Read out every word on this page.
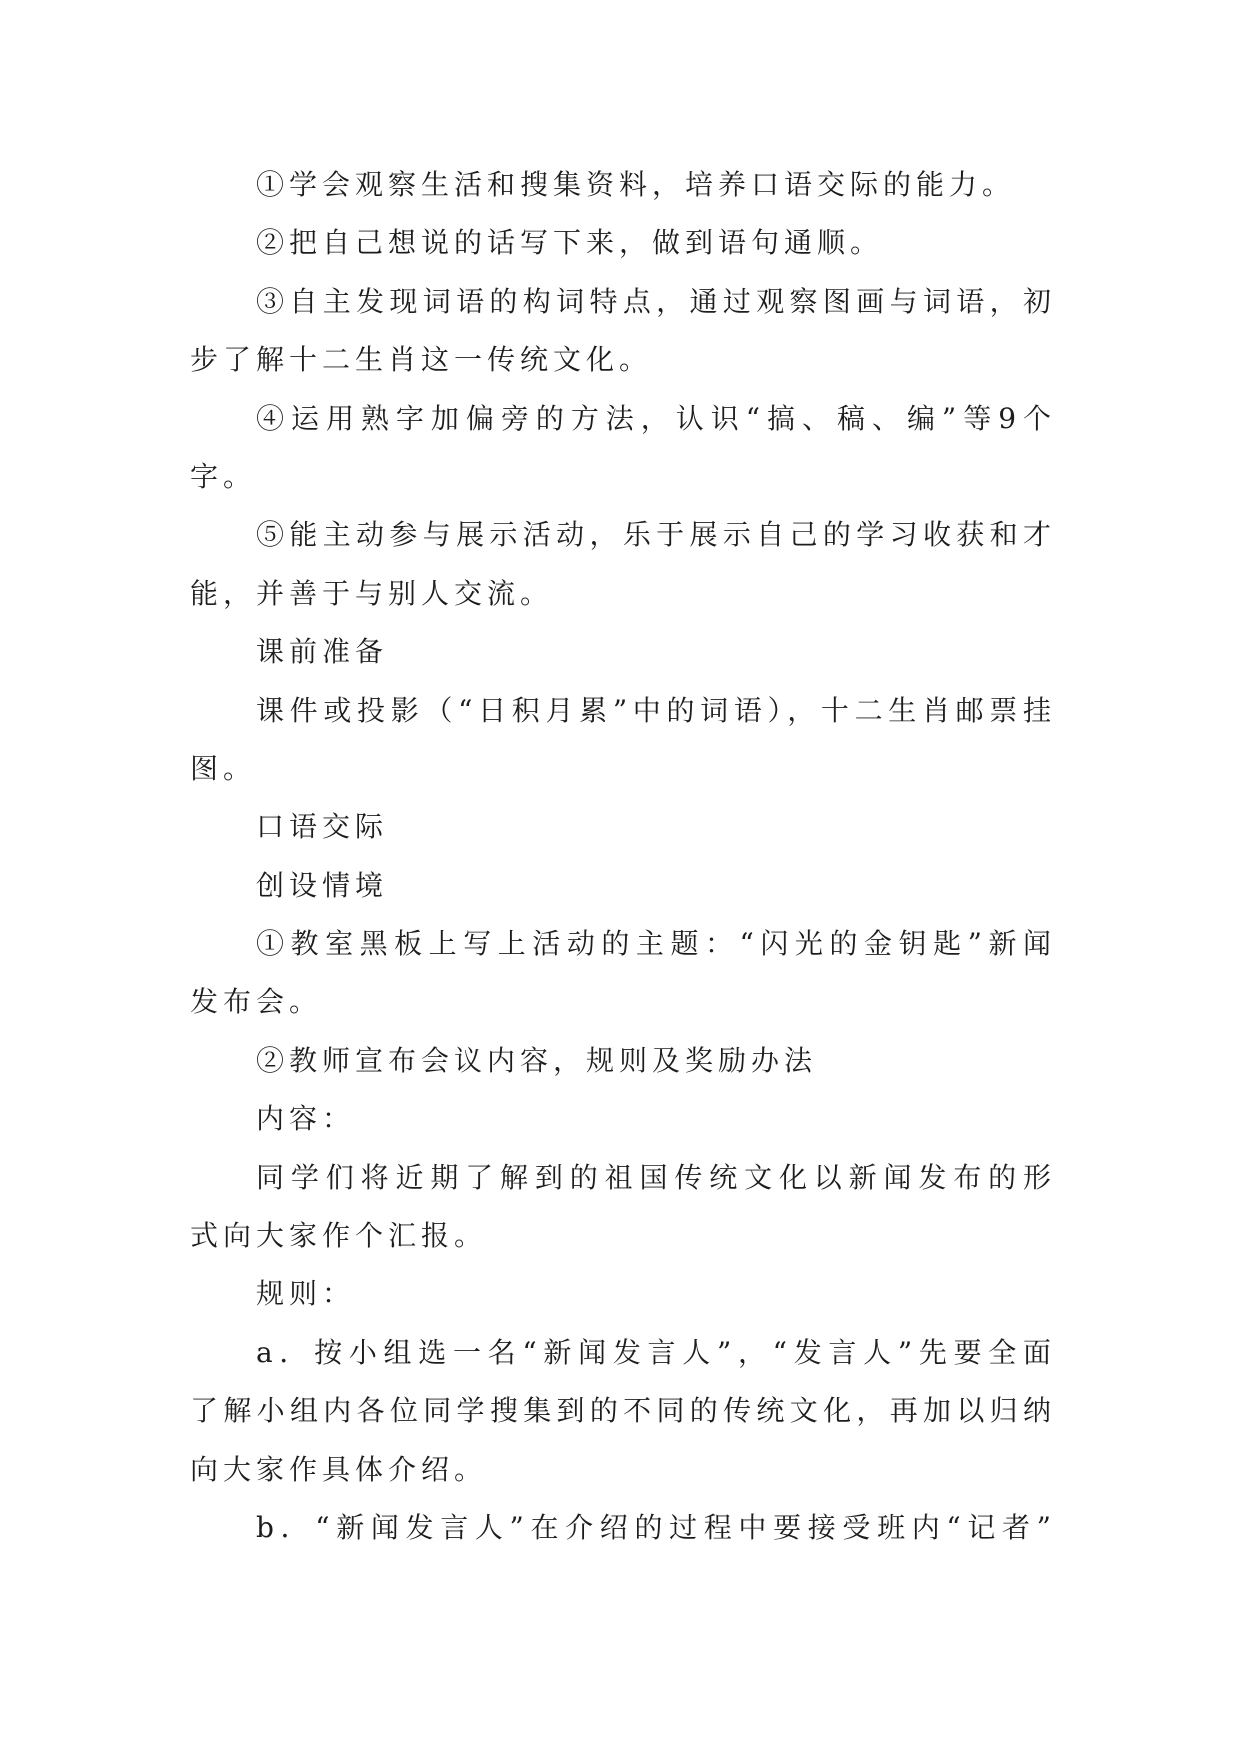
①学会观察生活和搜集资料，培养口语交际的能力。
②把自己想说的话写下来，做到语句通顺。
③自主发现词语的构词特点，通过观察图画与词语，初
步了解十二生肖这一传统文化。
④运用熟字加偏旁的方法，认识“搞、稿、编”等9个
字。
⑤能主动参与展示活动，乐于展示自己的学习收获和才
能，并善于与别人交流。
课前准备
课件或投影（“日积月累”中的词语），十二生肖邮票挂
图。
口语交际
创设情境
①教室黑板上写上活动的主题：“闪光的金钥匙”新闻
发布会。
②教师宣布会议内容，规则及奖励办法
内容：
同学们将近期了解到的祖国传统文化以新闻发布的形
式向大家作个汇报。
规则：
a．按小组选一名“新闻发言人”，“发言人”先要全面
了解小组内各位同学搜集到的不同的传统文化，再加以归纳
向大家作具体介绍。
b．“新闻发言人”在介绍的过程中要接受班内“记者”
